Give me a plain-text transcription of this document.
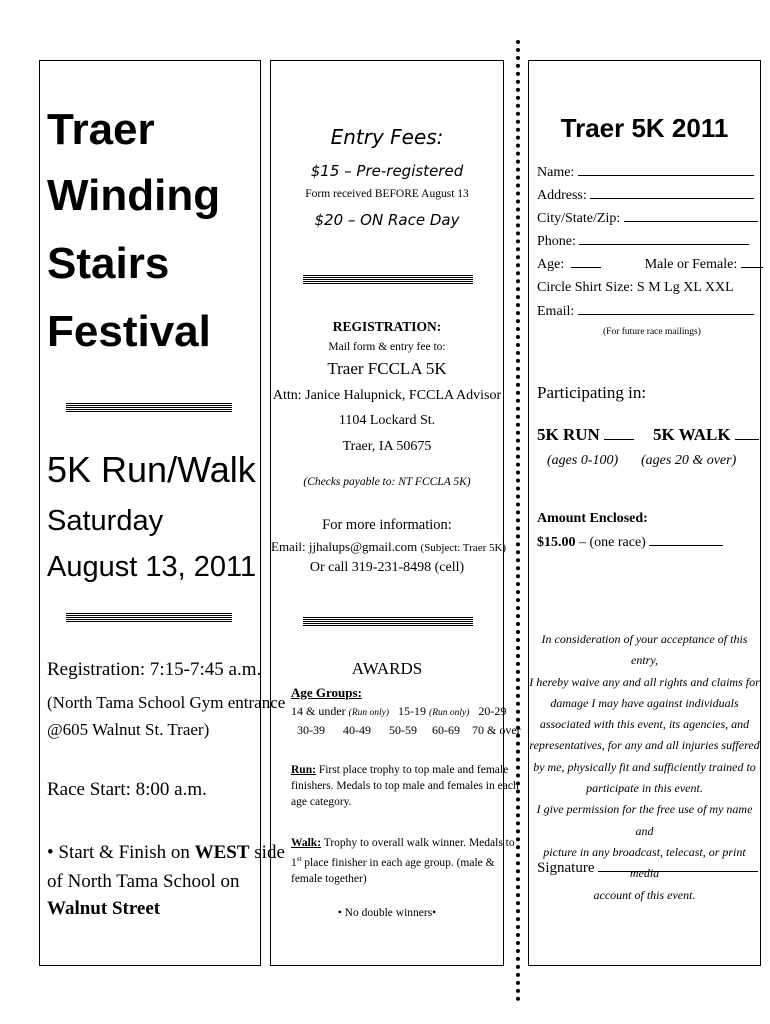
Traer
Winding
Stairs
Festival
5K Run/Walk
Saturday
August 13, 2011
Registration: 7:15-7:45 a.m.
(North Tama School Gym entrance
@605 Walnut St. Traer)
Race Start: 8:00 a.m.
• Start & Finish on WEST side
of North Tama School on
Walnut Street
Entry Fees:
$15 – Pre-registered
Form received BEFORE August 13
$20 – ON Race Day
REGISTRATION:
Mail form & entry fee to:
Traer FCCLA 5K
Attn: Janice Halupnick, FCCLA Advisor
1104 Lockard St.
Traer, IA 50675
(Checks payable to: NT FCCLA 5K)
For more information:
Email: jjhalups@gmail.com (Subject: Traer 5K)
Or call 319-231-8498 (cell)
AWARDS
Age Groups:
14 & under (Run only) 15-19 (Run only) 20-29
30-39 40-49 50-59 60-69 70 & over
Run: First place trophy to top male and female
finishers. Medals to top male and females in each
age category.
Walk: Trophy to overall walk winner. Medals to
1st place finisher in each age group. (male &
female together)
• No double winners•
Traer 5K 2011
Name:
Address:
City/State/Zip:
Phone:
Age:	Male or Female:
Circle Shirt Size: S M Lg XL XXL
Email:
(For future race mailings)
Participating in:
5K RUN	5K WALK
(ages 0-100) (ages 20 & over)
Amount Enclosed:
$15.00 – (one race)
In consideration of your acceptance of this entry,
I hereby waive any and all rights and claims for
damage I may have against individuals
associated with this event, its agencies, and
representatives, for any and all injuries suffered
by me, physically fit and sufficiently trained to
participate in this event.
I give permission for the free use of my name and
picture in any broadcast, telecast, or print media
account of this event.
Signature
